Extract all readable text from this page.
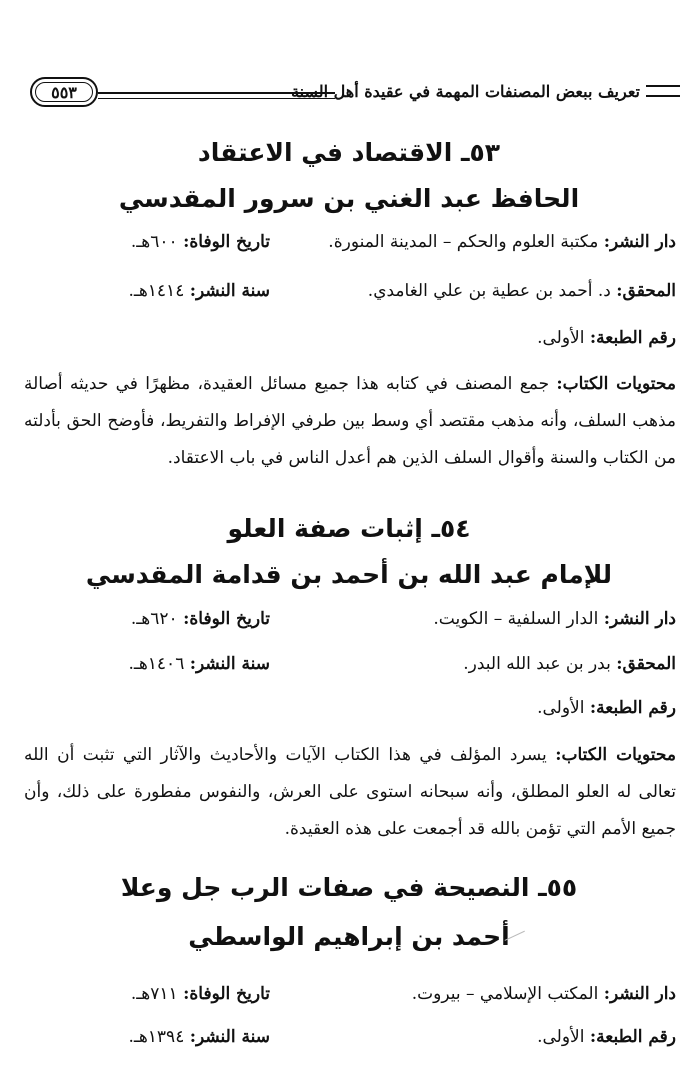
تعريف ببعض المصنفات المهمة في عقيدة أهل السنة
٥٥٣
٥٣ـ الاقتصاد في الاعتقاد
الحافظ عبد الغني بن سرور المقدسي
دار النشر: مكتبة العلوم والحكم – المدينة المنورة.
تاريخ الوفاة: ٦٠٠هـ.
المحقق: د. أحمد بن عطية بن علي الغامدي.
سنة النشر: ١٤١٤هـ.
رقم الطبعة: الأولى.
محتويات الكتاب: جمع المصنف في كتابه هذا جميع مسائل العقيدة، مظهرًا في حديثه أصالة مذهب السلف، وأنه مذهب مقتصد أي وسط بين طرفي الإفراط والتفريط، فأوضح الحق بأدلته من الكتاب والسنة وأقوال السلف الذين هم أعدل الناس في باب الاعتقاد.
٥٤ـ إثبات صفة العلو
للإمام عبد الله بن أحمد بن قدامة المقدسي
دار النشر: الدار السلفية – الكويت.
تاريخ الوفاة: ٦٢٠هـ.
المحقق: بدر بن عبد الله البدر.
سنة النشر: ١٤٠٦هـ.
رقم الطبعة: الأولى.
محتويات الكتاب: يسرد المؤلف في هذا الكتاب الآيات والأحاديث والآثار التي تثبت أن الله تعالى له العلو المطلق، وأنه سبحانه استوى على العرش، والنفوس مفطورة على ذلك، وأن جميع الأمم التي تؤمن بالله قد أجمعت على هذه العقيدة.
٥٥ـ النصيحة في صفات الرب جل وعلا
أحمد بن إبراهيم الواسطي
دار النشر: المكتب الإسلامي – بيروت.
تاريخ الوفاة: ٧١١هـ.
رقم الطبعة: الأولى.
سنة النشر: ١٣٩٤هـ.
